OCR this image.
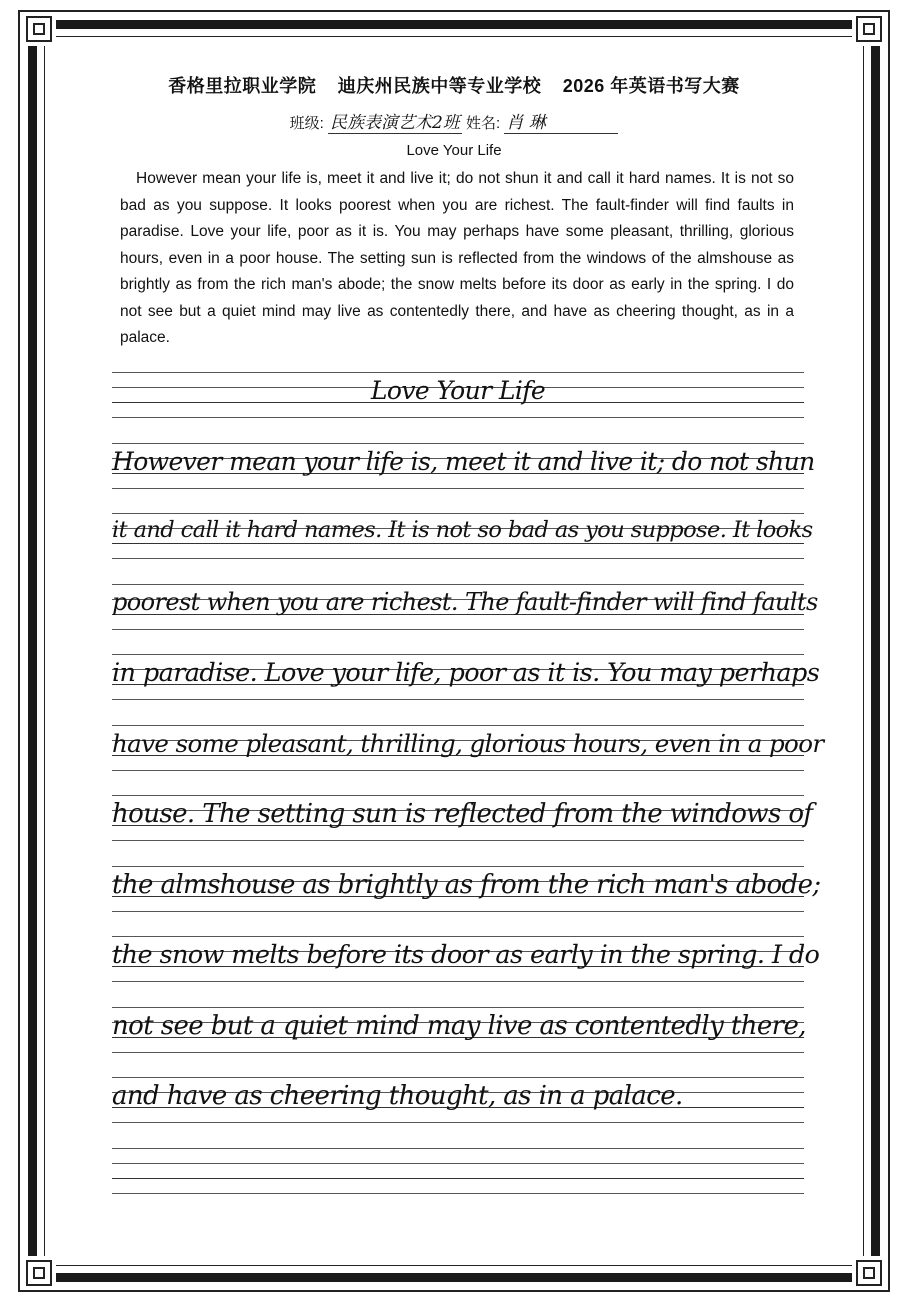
香格里拉职业学院 迪庆州民族中等专业学校 2026 年英语书写大赛
班级: 民族表演艺术2班 姓名: 肖 琳
Love Your Life
However mean your life is, meet it and live it; do not shun it and call it hard names. It is not so bad as you suppose. It looks poorest when you are richest. The fault-finder will find faults in paradise. Love your life, poor as it is. You may perhaps have some pleasant, thrilling, glorious hours, even in a poor house. The setting sun is reflected from the windows of the almshouse as brightly as from the rich man's abode; the snow melts before its door as early in the spring. I do not see but a quiet mind may live as contentedly there, and have as cheering thought, as in a palace.
Love Your Life
However mean your life is, meet it and live it; do not shun
it and call it hard names. It is not so bad as you suppose. It looks
poorest when you are richest. The fault-finder will find faults
in paradise. Love your life, poor as it is. You may perhaps
have some pleasant, thrilling, glorious hours, even in a poor
house. The setting sun is reflected from the windows of
the almshouse as brightly as from the rich man's abode;
the snow melts before its door as early in the spring. I do
not see but a quiet mind may live as contentedly there,
and have as cheering thought, as in a palace.
